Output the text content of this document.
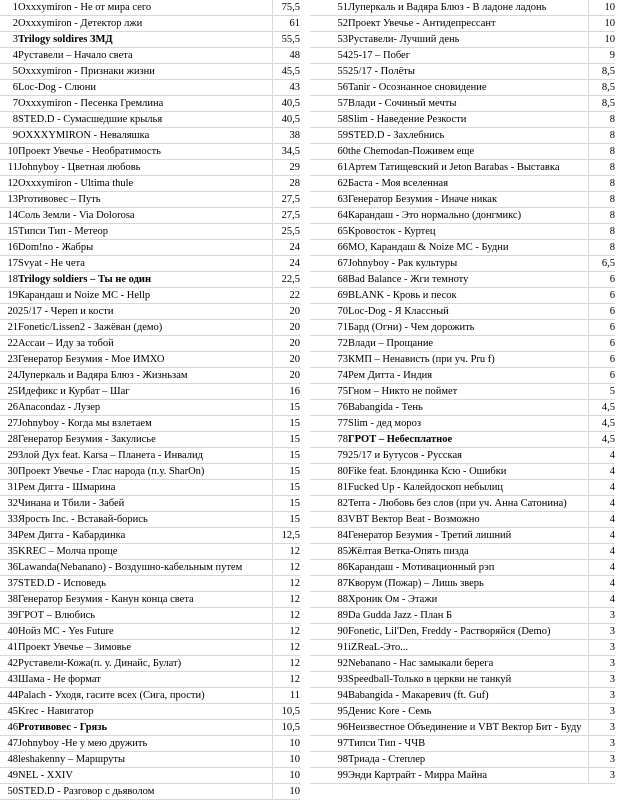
1	Oxxxymiron - Не от мира сего	75,5
2	Oxxxymiron - Детектор лжи	61
3	Trilogy soldires ЗМД	55,5
4	Руставели – Начало света	48
5	Oxxxymiron - Признаки жизни	45,5
6	Loc-Dog - Слюни	43
7	Oxxxymiron - Песенка Гремлина	40,5
8	STED.D - Сумасшедшие крылья	40,5
9	OXXXYMIRON - Неваляшка	38
10	Проект Увечье - Необратимость	34,5
11	Johnyboy - Цветная любовь	29
12	Oxxxymiron - Ultima thule	28
13	Рготивовес – Путь	27,5
14	Соль Земли - Via Dolorosa	27,5
15	Типси Тип - Метеор	25,5
16	Dom!no - Жабры	24
17	Svyat - Не чета	24
18	Trilogy soldiers – Ты не один	22,5
19	Карандаш и Noize MC - Hellp	22
20	25/17 - Череп и кости	20
21	Fonetic/Lissen2 - Зажёван (демо)	20
22	Ассаи – Иду за тобой	20
23	Генератор Безумия - Мое ИМХО	20
24	Луперкаль и Вадяра Блюз - Жизньзам	20
25	Идефикс и Курбат – Шаг	16
26	Anacondaz - Лузер	15
27	Johnyboy - Когда мы взлетаем	15
28	Генератор Безумия - Закулисье	15
29	Злой Дух feat. Karsa – Планета - Инвалид	15
30	Проект Увечье - Глас народа (п.у. SharOn)	15
31	Рем Дигга - Шмарина	15
32	Чинана и Тбили - Забей	15
33	Ярость Inc. - Вставай-борись	15
34	Рем Дигга - Кабардинка	12,5
35	KREC – Молча проще	12
36	Lawanda(Nebanano) - Воздушно-кабельным путем	12
37	STED.D - Исповедь	12
38	Генератор Безумия - Канун конца света	12
39	ГРОТ – Влюбись	12
40	Нойз МС - Yes Future	12
41	Проект Увечье – Зимовье	12
42	Руставели-Кожа(п. у. Динайс, Булат)	12
43	Шама - Не формат	12
44	Palach - Уходя, гасите всех (Сига, прости)	11
45	Krec - Навигатор	10,5
46	Рготивовес - Грязь	10,5
47	Johnyboy -Не у мею дружить	10
48	leshakenny – Маршруты	10
49	NEL - XXIV	10
50	STED.D - Разговор с дьяволом	10
51	Луперкаль и Вадяра Блюз - В ладоне ладонь	10
52	Проект Увечье - Антидепрессант	10
53	Руставели- Лучший день	10
54	25-17 – Побег	9
55	25/17 - Полёты	8,5
56	Tanir - Осознанное сновидение	8,5
57	Влади - Сочиный мечты	8,5
58	Slim - Наведение Резкости	8
59	STED.D - Захлебнись	8
60	the Chemodan-Поживем еще	8
61	Артем Татищевский и Jeton Barabas - Выставка	8
62	Баста - Моя вселенная	8
63	Генератор Безумия - Иначе никак	8
64	Карандаш - Это нормально (донгмикс)	8
65	Кровосток - Куртец	8
66	МО, Карандаш & Noize MC - Будни	8
67	Johnyboy - Рак культуры	6,5
68	Bad Balance - Жги темноту	6
69	BLANK - Кровь и песок	6
70	Loc-Dog - Я Классный	6
71	Бард (Огни) - Чем дорожить	6
72	Влади – Прощание	6
73	КМП – Ненависть (при уч. Pru f)	6
74	Рем Дитта - Индия	6
75	Гном – Никто не поймет	5
76	Babangida - Тень	4,5
77	Slim - дед мороз	4,5
78	ГРОТ – Небесплатное	4,5
79	25/17 и Бутусов - Русская	4
80	Fike feat. Блондинка Ксю - Ошибки	4
81	Fucked Up - Калейдоскоп небылиц	4
82	Terra - Любовь без слов (при уч. Анна Сатонина)	4
83	VBT Вектор Beat - Возможно	4
84	Генератор Безумия - Третий лишний	4
85	Жёлтая Ветка-Опять пизда	4
86	Карандаш - Мотивационный рэп	4
87	Кворум (Пожар) – Лишь зверь	4
88	Хроник Ом - Этажи	4
89	Da Gudda Jazz - План Б	3
90	Fonetic, Lil'Den, Freddy - Растворяйся (Demo)	3
91	iZReaL-Это...	3
92	Nebanano - Нас замыкали берега	3
93	Speedball-Только в церкви не танкуй	3
94	Babangida - Макаревич (ft. Guf)	3
95	Денис Kore - Семь	3
96	Неизвестное Объединение и VBT Вектор Бит - Буду	3
97	Типси Тип - ЧЧВ	3
98	Триада - Степлер	3
99	Энди Картрайт - Мирра Майна	3
